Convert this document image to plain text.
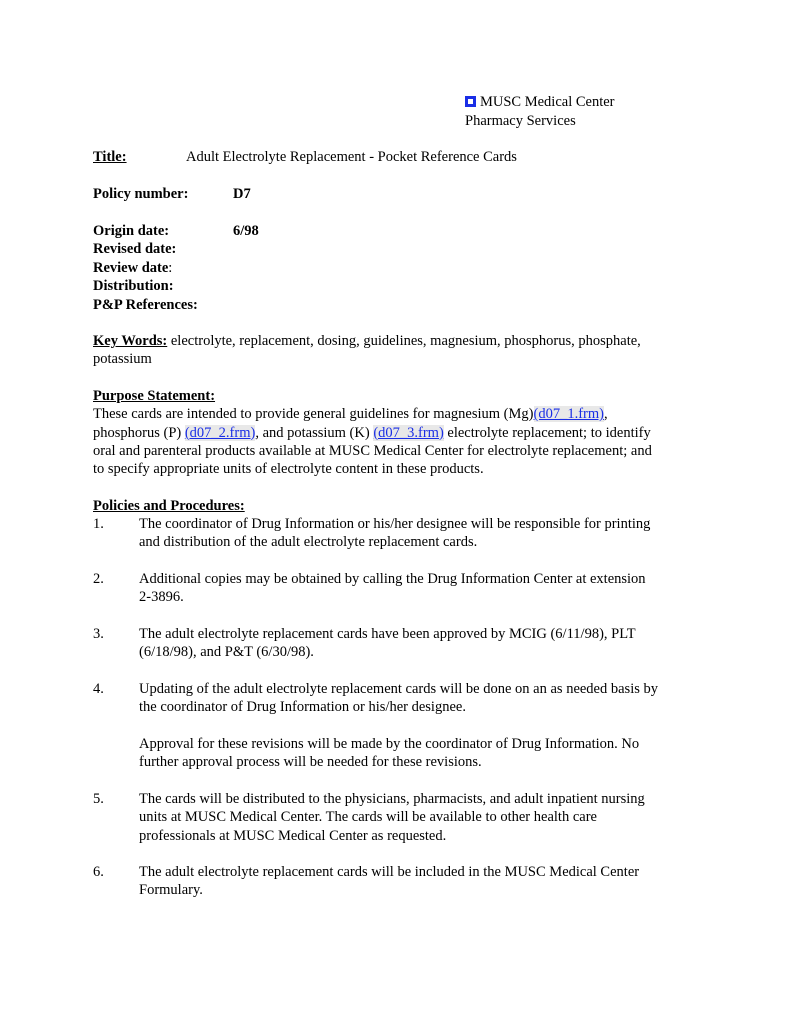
MUSC Medical Center
Pharmacy Services
Title:	Adult Electrolyte Replacement - Pocket Reference Cards
Policy number:	D7
Origin date:	6/98
Revised date:
Review date:
Distribution:
P&P References:
Key Words: electrolyte, replacement, dosing, guidelines, magnesium, phosphorus, phosphate,
potassium
Purpose Statement:
These cards are intended to provide general guidelines for magnesium (Mg)(d07_1.frm),
phosphorus (P) (d07_2.frm), and potassium (K) (d07_3.frm) electrolyte replacement; to identify
oral and parenteral products available at MUSC Medical Center for electrolyte replacement; and
to specify appropriate units of electrolyte content in these products.
Policies and Procedures:
1. The coordinator of Drug Information or his/her designee will be responsible for printing
and distribution of the adult electrolyte replacement cards.
2. Additional copies may be obtained by calling the Drug Information Center at extension
2-3896.
3. The adult electrolyte replacement cards have been approved by MCIG (6/11/98), PLT
(6/18/98), and P&T (6/30/98).
4. Updating of the adult electrolyte replacement cards will be done on an as needed basis by
the coordinator of Drug Information or his/her designee.
Approval for these revisions will be made by the coordinator of Drug Information. No
further approval process will be needed for these revisions.
5. The cards will be distributed to the physicians, pharmacists, and adult inpatient nursing
units at MUSC Medical Center. The cards will be available to other health care
professionals at MUSC Medical Center as requested.
6. The adult electrolyte replacement cards will be included in the MUSC Medical Center
Formulary.
